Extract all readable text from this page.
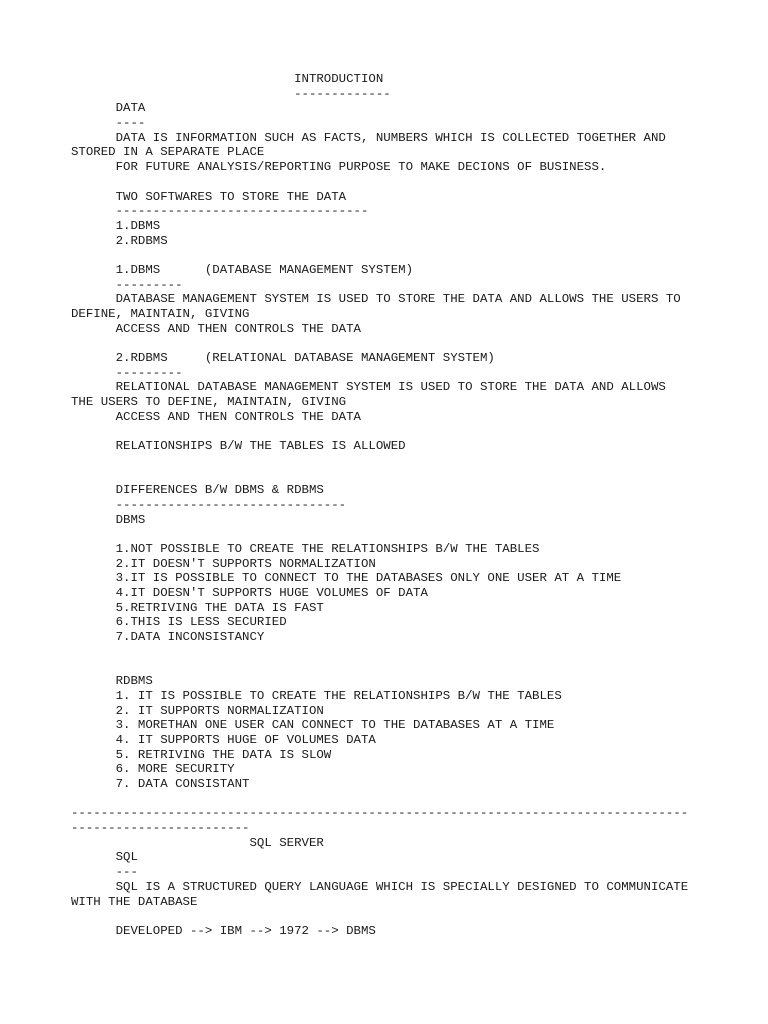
INTRODUCTION
-------------
DATA
----
DATA IS INFORMATION SUCH AS FACTS, NUMBERS WHICH IS COLLECTED TOGETHER AND
STORED IN A SEPARATE PLACE
FOR FUTURE ANALYSIS/REPORTING PURPOSE TO MAKE DECIONS OF BUSINESS.
TWO SOFTWARES TO STORE THE DATA
----------------------------------
1.DBMS
2.RDBMS
1.DBMS      (DATABASE MANAGEMENT SYSTEM)
---------
DATABASE MANAGEMENT SYSTEM IS USED TO STORE THE DATA AND ALLOWS THE USERS TO
DEFINE, MAINTAIN, GIVING
ACCESS AND THEN CONTROLS THE DATA
2.RDBMS     (RELATIONAL DATABASE MANAGEMENT SYSTEM)
---------
RELATIONAL DATABASE MANAGEMENT SYSTEM IS USED TO STORE THE DATA AND ALLOWS
THE USERS TO DEFINE, MAINTAIN, GIVING
ACCESS AND THEN CONTROLS THE DATA
RELATIONSHIPS B/W THE TABLES IS ALLOWED
DIFFERENCES B/W DBMS & RDBMS
-------------------------------
DBMS
1.NOT POSSIBLE TO CREATE THE RELATIONSHIPS B/W THE TABLES
2.IT DOESN'T SUPPORTS NORMALIZATION
3.IT IS POSSIBLE TO CONNECT TO THE DATABASES ONLY ONE USER AT A TIME
4.IT DOESN'T SUPPORTS HUGE VOLUMES OF DATA
5.RETRIVING THE DATA IS FAST
6.THIS IS LESS SECURIED
7.DATA INCONSISTANCY
RDBMS
1. IT IS POSSIBLE TO CREATE THE RELATIONSHIPS B/W THE TABLES
2. IT SUPPORTS NORMALIZATION
3. MORETHAN ONE USER CAN CONNECT TO THE DATABASES AT A TIME
4. IT SUPPORTS HUGE OF VOLUMES DATA
5. RETRIVING THE DATA IS SLOW
6. MORE SECURITY
7. DATA CONSISTANT
-----------------------------------------------------------------------------------
------------------------
SQL SERVER
SQL
---
SQL IS A STRUCTURED QUERY LANGUAGE WHICH IS SPECIALLY DESIGNED TO COMMUNICATE
WITH THE DATABASE
DEVELOPED --> IBM --> 1972 --> DBMS
